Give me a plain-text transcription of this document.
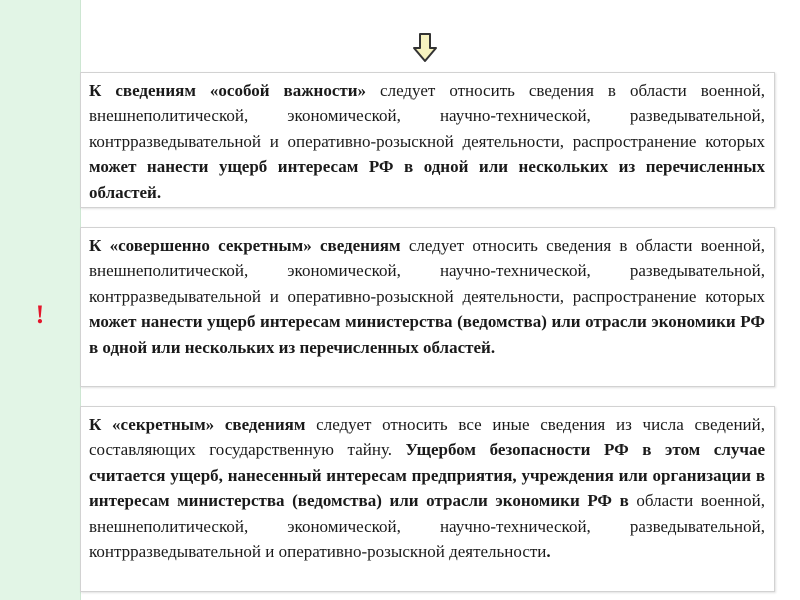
!
К сведениям «особой важности» следует относить сведения в области военной, внешнеполитической, экономической, научно-технической, разведывательной, контрразведывательной и оперативно-розыскной деятельности, распространение которых может нанести ущерб интересам РФ в одной или нескольких из перечисленных областей.
К «совершенно секретным» сведениям следует относить сведения в области военной, внешнеполитической, экономической, научно-технической, разведывательной, контрразведывательной и оперативно-розыскной деятельности, распространение которых может нанести ущерб интересам министерства (ведомства) или отрасли экономики РФ в одной или нескольких из перечисленных областей.
К «секретным» сведениям следует относить все иные сведения из числа сведений, составляющих государственную тайну. Ущербом безопасности РФ в этом случае считается ущерб, нанесенный интересам предприятия, учреждения или организации в интересам министерства (ведомства) или отрасли экономики РФ в области военной, внешнеполитической, экономической, научно-технической, разведывательной, контрразведывательной и оперативно-розыскной деятельности.
